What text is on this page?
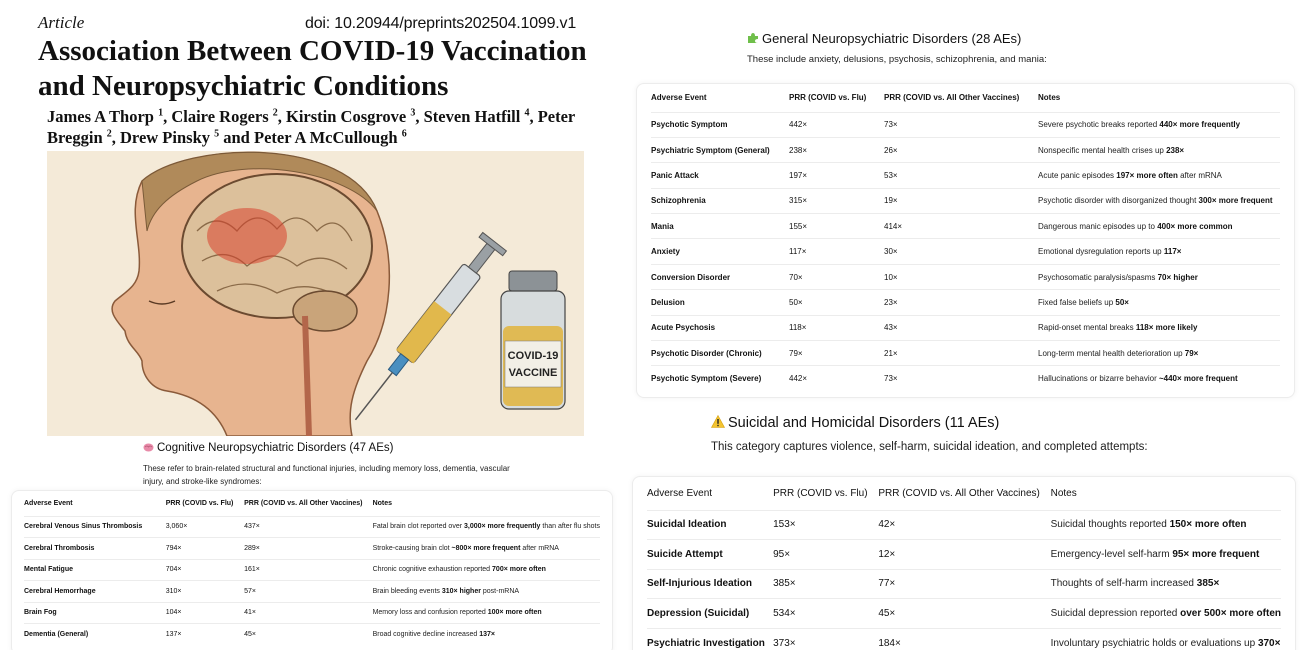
Article	doi: 10.20944/preprints202504.1099.v1
Association Between COVID-19 Vaccination and Neuropsychiatric Conditions
James A Thorp $^1$, Claire Rogers $^2$, Kirstin Cosgrove $^3$, Steven Hatfill $^4$, Peter Breggin $^2$, Drew Pinsky $^5$ and Peter A McCullough $^6$
COVID-19
VACCINE
Cognitive Neuropsychiatric Disorders (47 AEs)
These refer to brain-related structural and functional injuries, including memory loss, dementia, vascular injury, and stroke-like syndromes:
Adverse Event	PRR (COVID vs. Flu)	PRR (COVID vs. All Other Vaccines)	Notes
Cerebral Venous Sinus Thrombosis	3,060×	437×	Fatal brain clot reported over 3,000× more frequently than after flu shots
Cerebral Thrombosis	794×	289×	Stroke-causing brain clot ~800× more frequent after mRNA
Mental Fatigue	704×	161×	Chronic cognitive exhaustion reported 700× more often
Cerebral Hemorrhage	310×	57×	Brain bleeding events 310× higher post-mRNA
Brain Fog	104×	41×	Memory loss and confusion reported 100× more often
Dementia (General)	137×	45×	Broad cognitive decline increased 137×
General Neuropsychiatric Disorders (28 AEs)
These include anxiety, delusions, psychosis, schizophrenia, and mania:
Adverse Event	PRR (COVID vs. Flu)	PRR (COVID vs. All Other Vaccines)	Notes
Psychotic Symptom	442×	73×	Severe psychotic breaks reported 440× more frequently
Psychiatric Symptom (General)	238×	26×	Nonspecific mental health crises up 238×
Panic Attack	197×	53×	Acute panic episodes 197× more often after mRNA
Schizophrenia	315×	19×	Psychotic disorder with disorganized thought 300× more frequent
Mania	155×	414×	Dangerous manic episodes up to 400× more common
Anxiety	117×	30×	Emotional dysregulation reports up 117×
Conversion Disorder	70×	10×	Psychosomatic paralysis/spasms 70× higher
Delusion	50×	23×	Fixed false beliefs up 50×
Acute Psychosis	118×	43×	Rapid-onset mental breaks 118× more likely
Psychotic Disorder (Chronic)	79×	21×	Long-term mental health deterioration up 79×
Psychotic Symptom (Severe)	442×	73×	Hallucinations or bizarre behavior ~440× more frequent
Suicidal and Homicidal Disorders (11 AEs)
This category captures violence, self-harm, suicidal ideation, and completed attempts:
Adverse Event	PRR (COVID vs. Flu)	PRR (COVID vs. All Other Vaccines)	Notes
Suicidal Ideation	153×	42×	Suicidal thoughts reported 150× more often
Suicide Attempt	95×	12×	Emergency-level self-harm 95× more frequent
Self-Injurious Ideation	385×	77×	Thoughts of self-harm increased 385×
Depression (Suicidal)	534×	45×	Suicidal depression reported over 500× more often
Psychiatric Investigation	373×	184×	Involuntary psychiatric holds or evaluations up 370×
